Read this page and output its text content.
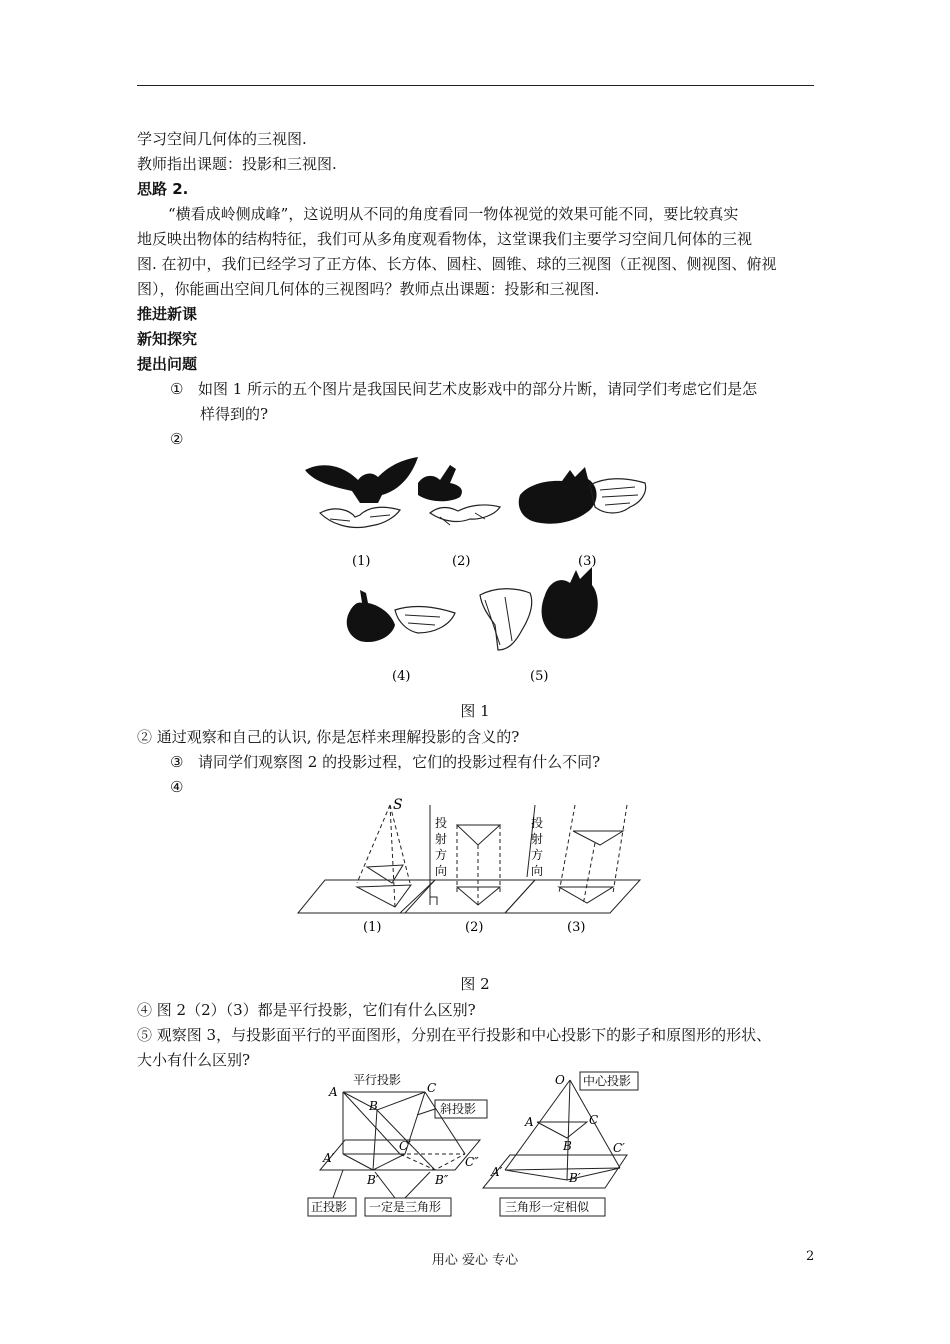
学习空间几何体的三视图.
教师指出课题：投影和三视图.
思路 2.
“横看成岭侧成峰”，这说明从不同的角度看同一物体视觉的效果可能不同，要比较真实
地反映出物体的结构特征，我们可从多角度观看物体，这堂课我们主要学习空间几何体的三视
图. 在初中，我们已经学习了正方体、长方体、圆柱、圆锥、球的三视图（正视图、侧视图、俯视
图），你能画出空间几何体的三视图吗？教师点出课题：投影和三视图.
推进新课
新知探究
提出问题
① 如图 1 所示的五个图片是我国民间艺术皮影戏中的部分片断，请同学们考虑它们是怎
样得到的?
②
(1)	(2)	(3)
(4)	(5)
图 1
② 通过观察和自己的认识, 你是怎样来理解投影的含义的?
③ 请同学们观察图 2 的投影过程，它们的投影过程有什么不同?
④
S
投
射
方
向
投
射
方
向
(1)	(2)	(3)
图 2
④ 图 2（2）（3）都是平行投影，它们有什么区别?
⑤ 观察图 3，与投影面平行的平面图形，分别在平行投影和中心投影下的影子和原图形的形状、
大小有什么区别?
平行投影
斜投影
正投影 一定是三角形
中心投影
三角形一定相似
A
B
C
A′
B′
C′
B″
C″
O
A
B
C
A′	B′
C′
用心 爱心 专心	2
